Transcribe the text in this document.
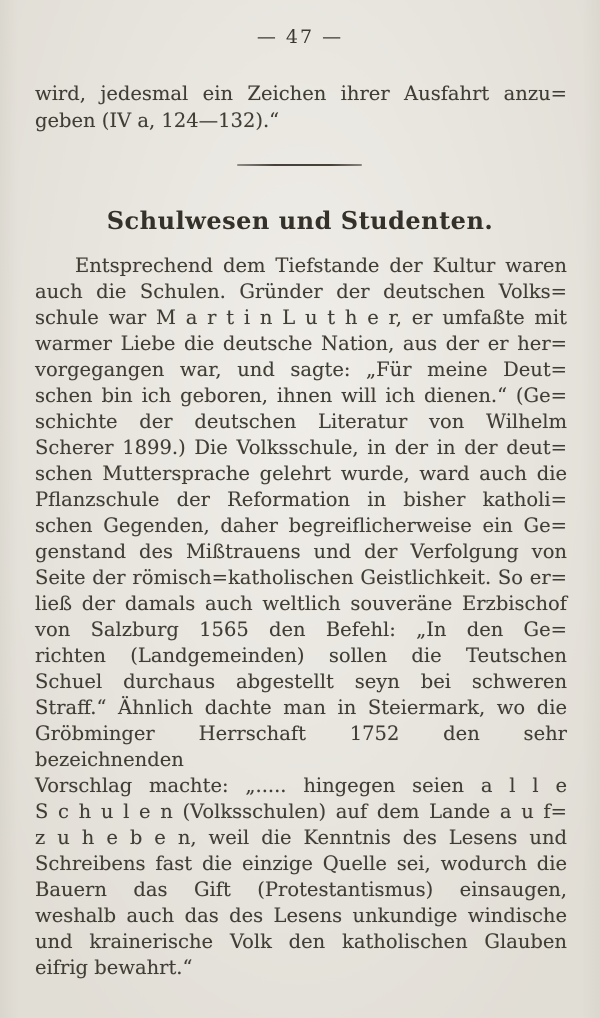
— 47 —
wird, jedesmal ein Zeichen ihrer Ausfahrt anzu=
geben (IV a, 124—132).“
Schulwesen und Studenten.
Entsprechend dem Tiefstande der Kultur waren
auch die Schulen. Gründer der deutschen Volks=
schule war M a r t i n L u t h e r, er umfaßte mit
warmer Liebe die deutsche Nation, aus der er her=
vorgegangen war, und sagte: „Für meine Deut=
schen bin ich geboren, ihnen will ich dienen.“ (Ge=
schichte der deutschen Literatur von Wilhelm
Scherer 1899.) Die Volksschule, in der in der deut=
schen Muttersprache gelehrt wurde, ward auch die
Pflanzschule der Reformation in bisher katholi=
schen Gegenden, daher begreiflicherweise ein Ge=
genstand des Mißtrauens und der Verfolgung von
Seite der römisch=katholischen Geistlichkeit. So er=
ließ der damals auch weltlich souveräne Erzbischof
von Salzburg 1565 den Befehl: „In den Ge=
richten (Landgemeinden) sollen die Teutschen
Schuel durchaus abgestellt seyn bei schweren
Straff.“ Ähnlich dachte man in Steiermark, wo die
Gröbminger Herrschaft 1752 den sehr bezeichnenden
Vorschlag machte: „..... hingegen seien a l l e
S c h u l e n (Volksschulen) auf dem Lande a u f=
z u h e b e n, weil die Kenntnis des Lesens und
Schreibens fast die einzige Quelle sei, wodurch die
Bauern das Gift (Protestantismus) einsaugen,
weshalb auch das des Lesens unkundige windische
und krainerische Volk den katholischen Glauben
eifrig bewahrt.“
